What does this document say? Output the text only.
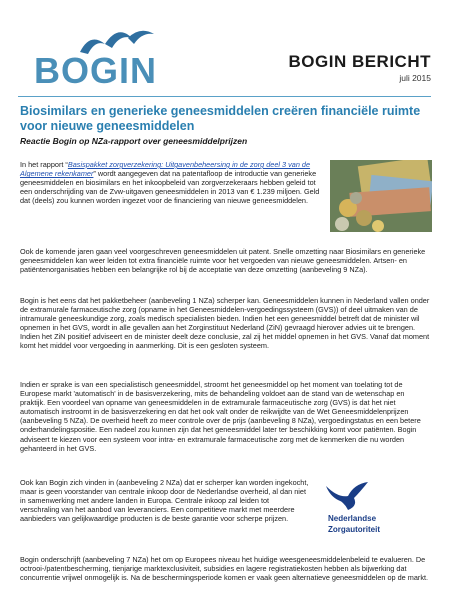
BOGIN	BOGIN BERICHT
juli 2015
Biosimilars en generieke geneesmiddelen creëren financiële ruimte voor nieuwe geneesmiddelen
Reactie Bogin op NZa-rapport over geneesmiddelprijzen
In het rapport “Basispakket zorgverzekering: Uitgavenbeheersing in de zorg deel 3 van de Algemene rekenkamer” wordt aangegeven dat na patentafloop de introductie van generieke geneesmiddelen en biosimilars en het inkoopbeleid van zorgverzekeraars hebben geleid tot een onderschrijding van de Zvw-uitgaven geneesmiddelen in 2013 van € 1.239 miljoen. Geld dat (deels) zou kunnen worden ingezet voor de financiering van nieuwe geneesmiddelen.
Ook de komende jaren gaan veel voorgeschreven geneesmiddelen uit patent. Snelle omzetting naar Biosimilars en generieke geneesmiddelen kan weer leiden tot extra financiële ruimte voor het vergoeden van nieuwe geneesmiddelen. Artsen- en patiëntenorganisaties hebben een belangrijke rol bij de acceptatie van deze omzetting (aanbeveling 9 NZa).
Bogin is het eens dat het pakketbeheer (aanbeveling 1 NZa) scherper kan. Geneesmiddelen kunnen in Nederland vallen onder de extramurale farmaceutische zorg (opname in het Geneesmiddelen-vergoedingssysteem (GVS)) of deel uitmaken van de intramurale geneeskundige zorg, zoals medisch specialisten bieden. Indien het een geneesmiddel betreft dat de minister wil opnemen in het GVS, wordt in alle gevallen aan het Zorginstituut Nederland (ZiN) gevraagd hierover advies uit te brengen. Indien het ZiN positief adviseert en de minister deelt deze conclusie, zal zij het middel opnemen in het GVS. Vanaf dat moment komt het middel voor vergoeding in aanmerking. Dit is een gesloten systeem.
Indien er sprake is van een specialistisch geneesmiddel, stroomt het geneesmiddel op het moment van toelating tot de Europese markt 'automatisch' in de basisverzekering, mits de behandeling voldoet aan de stand van de wetenschap en praktijk. Een voordeel van opname van geneesmiddelen in de extramurale farmaceutische zorg (GVS) is dat het niet automatisch instroomt in de basisverzekering en dat het ook valt onder de reikwijdte van de Wet Geneesmiddelenprijzen (aanbeveling 5 NZa). De overheid heeft zo meer controle over de prijs (aanbeveling 8 NZa), vergoedingstatus en een betere onderhandelingspositie. Een nadeel zou kunnen zijn dat het geneesmiddel later ter beschikking komt voor patiënten. Bogin adviseert te kiezen voor een systeem voor intra- en extramurale farmaceutische zorg met de kenmerken die nu worden gehanteerd in het GVS.
Ook kan Bogin zich vinden in (aanbeveling 2 NZa) dat er scherper kan worden ingekocht, maar is geen voorstander van centrale inkoop door de Nederlandse overheid, al dan niet in samenwerking met andere landen in Europa. Centrale inkoop zal leiden tot verschraling van het aanbod van leveranciers. Een competitieve markt met meerdere aanbieders van gelijkwaardige producten is de beste garantie voor scherpe prijzen.	Nederlandse
Zorgautoriteit
Bogin onderschrijft (aanbeveling 7 NZa) het om op Europees niveau het huidige weesgeneesmiddelenbeleid te evalueren. De octrooi-/patentbescherming, tienjarige marktexclusiviteit, subsidies en lagere registratiekosten hebben als bijwerking dat concurrentie vrijwel onmogelijk is. Na de beschermingsperiode komen er vaak geen alternatieve geneesmiddelen op de markt.
